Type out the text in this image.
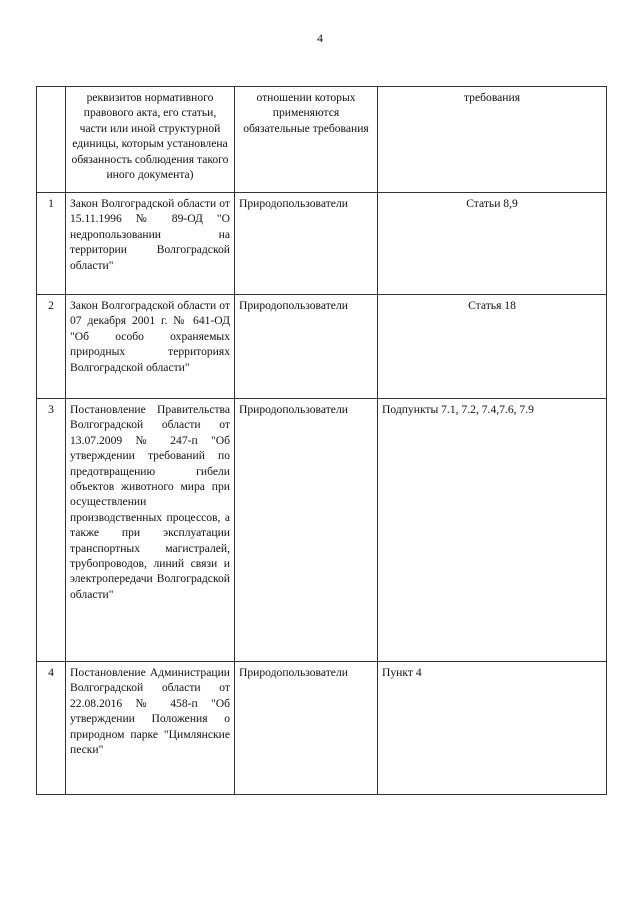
4
	реквизитов нормативного правового акта, его статьи, части или иной структурной единицы, которым установлена обязанность соблюдения такого иного документа)	отношении которых применяются обязательные требования	требования
1	Закон Волгоградской области от 15.11.1996 № 89-ОД "О недропользовании на территории Волгоградской области"	Природопользователи	Статьи 8,9
2	Закон Волгоградской области от 07 декабря 2001 г. № 641-ОД "Об особо охраняемых природных территориях Волгоградской области"	Природопользователи	Статья 18
3	Постановление Правительства Волгоградской области от 13.07.2009 № 247-п "Об утверждении требований по предотвращению гибели объектов животного мира при осуществлении производственных процессов, а также при эксплуатации транспортных магистралей, трубопроводов, линий связи и электропередачи Волгоградской области"	Природопользователи	Подпункты 7.1, 7.2, 7.4,7.6, 7.9
4	Постановление Администрации Волгоградской области от 22.08.2016 № 458-п "Об утверждении Положения о природном парке "Цимлянские пески"	Природопользователи	Пункт 4
